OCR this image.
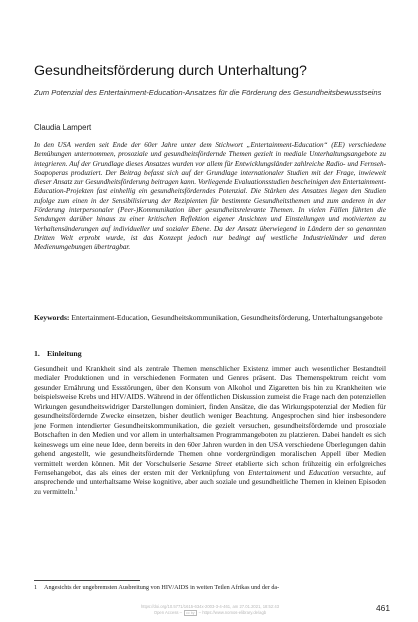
Gesundheitsförderung durch Unterhaltung?
Zum Potenzial des Entertainment-Education-Ansatzes für die Förderung des Gesundheitsbewusstseins
Claudia Lampert
In den USA werden seit Ende der 60er Jahre unter dem Stichwort „Entertainment-Education“ (EE) verschiedene Bemühungen unternommen, prosoziale und gesundheitsfördernde Themen gezielt in mediale Unterhaltungsangebote zu integrieren. Auf der Grundlage dieses Ansatzes wurden vor allem für Entwicklungsländer zahlreiche Radio- und Fernseh-Soapoperas produziert. Der Beitrag befasst sich auf der Grundlage internationaler Studien mit der Frage, inwieweit dieser Ansatz zur Gesundheitsförderung beitragen kann. Vorliegende Evaluationsstudien bescheinigen den Entertainment-Education-Projekten fast einhellig ein gesundheitsförderndes Potenzial. Die Stärken des Ansatzes liegen den Studien zufolge zum einen in der Sensibilisierung der Rezipienten für bestimmte Gesundheitsthemen und zum anderen in der Förderung interpersonaler (Peer-)Kommunikation über gesundheitsrelevante Themen. In vielen Fällen führten die Sendungen darüber hinaus zu einer kritischen Reflektion eigener Ansichten und Einstellungen und motivierten zu Verhaltensänderungen auf individueller und sozialer Ebene. Da der Ansatz überwiegend in Ländern der so genannten Dritten Welt erprobt wurde, ist das Konzept jedoch nur bedingt auf westliche Industrieländer und deren Medienumgebungen übertragbar.
Keywords: Entertainment-Education, Gesundheitskommunikation, Gesundheitsförderung, Unterhaltungsangebote
1. Einleitung
Gesundheit und Krankheit sind als zentrale Themen menschlicher Existenz immer auch wesentlicher Bestandteil medialer Produktionen und in verschiedenen Formaten und Genres präsent. Das Themenspektrum reicht vom gesunder Ernährung und Essstörungen, über den Konsum von Alkohol und Zigaretten bis hin zu Krankheiten wie beispielsweise Krebs und HIV/AIDS. Während in der öffentlichen Diskussion zumeist die Frage nach den potenziellen Wirkungen gesundheitswidriger Darstellungen dominiert, finden Ansätze, die das Wirkungspotenzial der Medien für gesundheitsfördernde Zwecke einsetzen, bisher deutlich weniger Beachtung. Angesprochen sind hier insbesondere jene Formen intendierter Gesundheitskommunikation, die gezielt versuchen, gesundheitsfördernde und prosoziale Botschaften in den Medien und vor allem in unterhaltsamen Programmangeboten zu platzieren. Dabei handelt es sich keineswegs um eine neue Idee, denn bereits in den 60er Jahren wurden in den USA verschiedene Überlegungen dahin gehend angestellt, wie gesundheitsfördernde Themen ohne vordergründigen moralischen Appell über Medien vermittelt werden können. Mit der Vorschulserie Sesame Street etablierte sich schon frühzeitig ein erfolgreiches Fernsehangebot, das als eines der ersten mit der Verknüpfung von Entertainment und Education versuchte, auf ansprechende und unterhaltsame Weise kognitive, aber auch soziale und gesundheitliche Themen in kleinen Episoden zu vermitteln.$^1$
1 Angesichts der ungebremsten Ausbreitung von HIV/AIDS in weiten Teilen Afrikas und der da-
461
https://doi.org/10.5771/1615-634x-2003-3-4-461, am 27.01.2021, 18:52:43
Open Access – cc by – https://www.nomos-elibrary.de/agb
